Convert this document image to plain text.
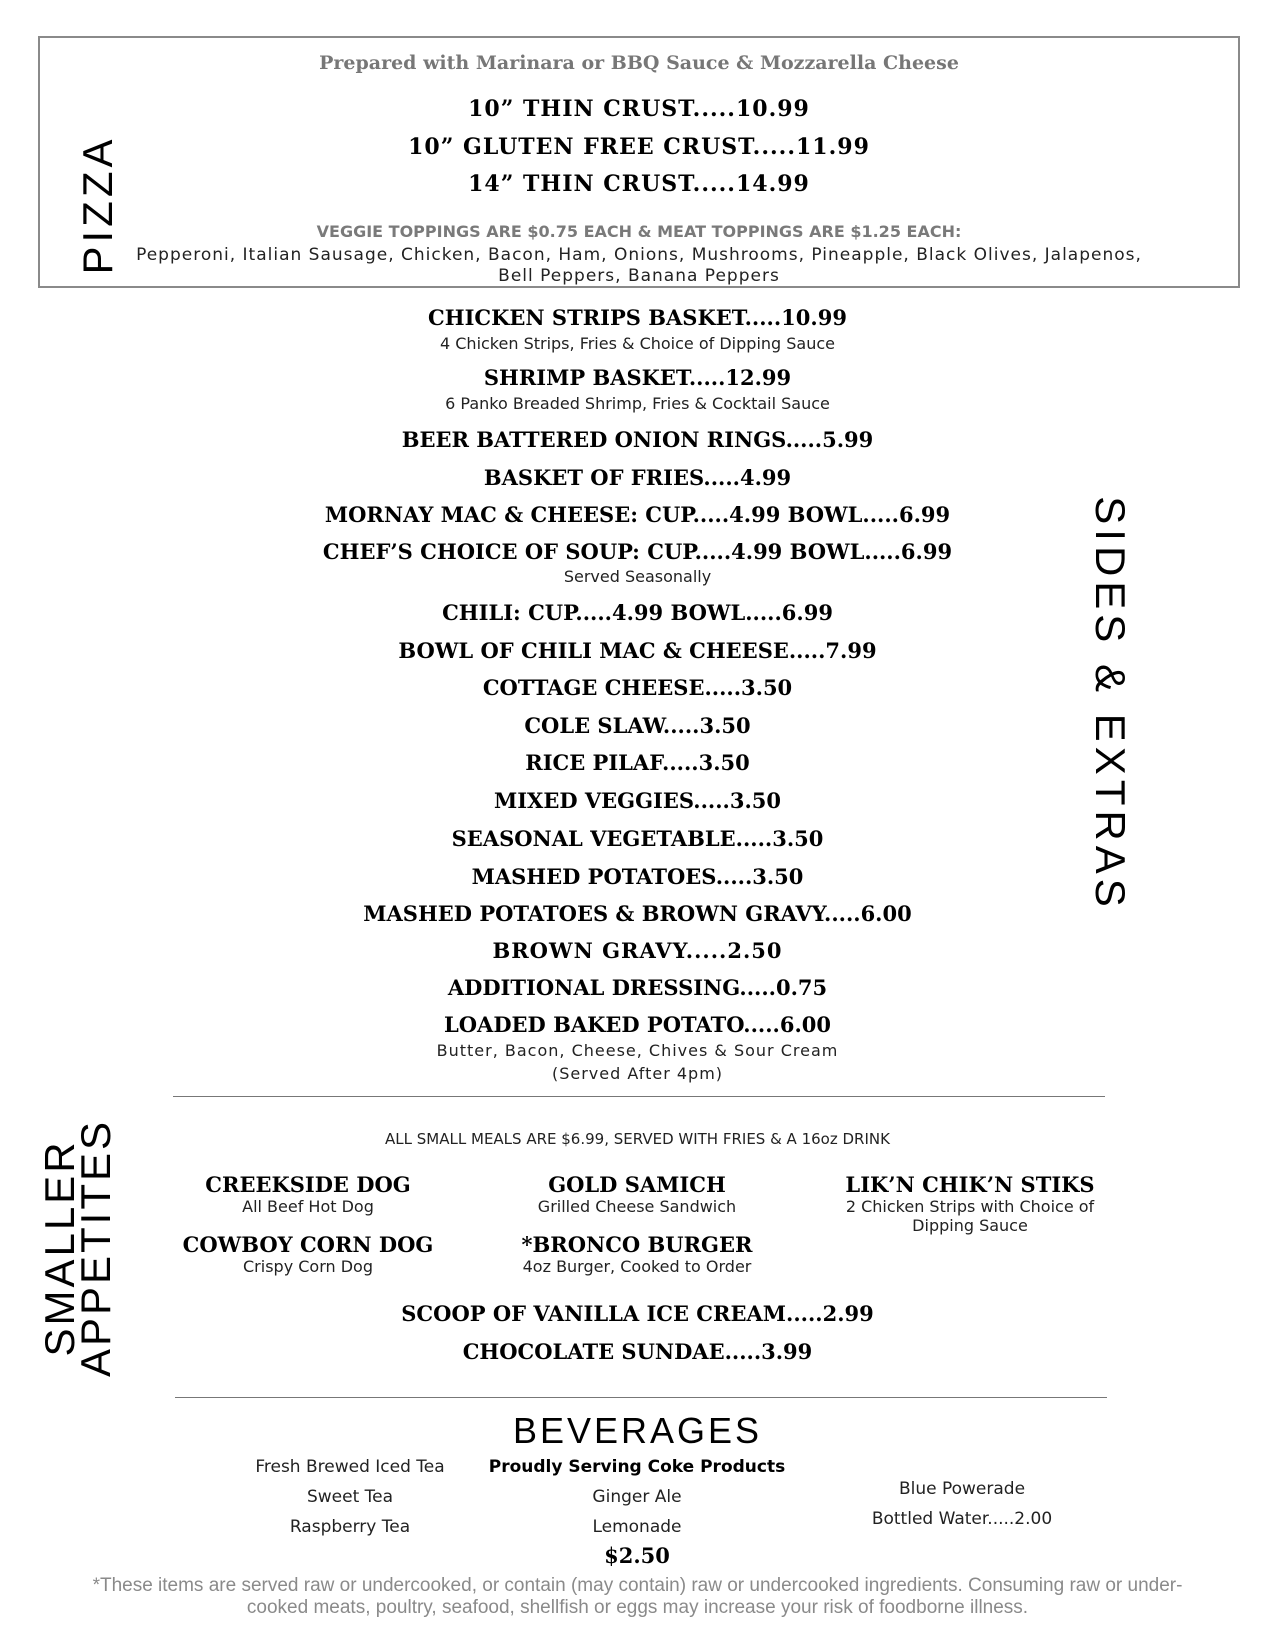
PIZZA
Prepared with Marinara or BBQ Sauce & Mozzarella Cheese
10” THIN CRUST.....10.99
10” GLUTEN FREE CRUST.....11.99
14” THIN CRUST.....14.99
VEGGIE TOPPINGS ARE $0.75 EACH & MEAT TOPPINGS ARE $1.25 EACH:
Pepperoni, Italian Sausage, Chicken, Bacon, Ham, Onions, Mushrooms, Pineapple, Black Olives, Jalapenos,
Bell Peppers, Banana Peppers
SIDES & EXTRAS
CHICKEN STRIPS BASKET.....10.99
4 Chicken Strips, Fries & Choice of Dipping Sauce
SHRIMP BASKET.....12.99
6 Panko Breaded Shrimp, Fries & Cocktail Sauce
BEER BATTERED ONION RINGS.....5.99
BASKET OF FRIES.....4.99
MORNAY MAC & CHEESE: CUP.....4.99 BOWL.....6.99
CHEF’S CHOICE OF SOUP: CUP.....4.99 BOWL.....6.99
Served Seasonally
CHILI: CUP.....4.99 BOWL.....6.99
BOWL OF CHILI MAC & CHEESE.....7.99
COTTAGE CHEESE.....3.50
COLE SLAW.....3.50
RICE PILAF.....3.50
MIXED VEGGIES.....3.50
SEASONAL VEGETABLE.....3.50
MASHED POTATOES.....3.50
MASHED POTATOES & BROWN GRAVY.....6.00
BROWN GRAVY.....2.50
ADDITIONAL DRESSING.....0.75
LOADED BAKED POTATO.....6.00
Butter, Bacon, Cheese, Chives & Sour Cream
(Served After 4pm)
SMALLER
APPETITES	ALL SMALL MEALS ARE $6.99, SERVED WITH FRIES & A 16oz DRINK
CREEKSIDE DOG
All Beef Hot Dog
COWBOY CORN DOG
Crispy Corn Dog
GOLD SAMICH
Grilled Cheese Sandwich
*BRONCO BURGER
4oz Burger, Cooked to Order
LIK’N CHIK’N STIKS
2 Chicken Strips with Choice of
Dipping Sauce
SCOOP OF VANILLA ICE CREAM.....2.99
CHOCOLATE SUNDAE.....3.99
BEVERAGES
Fresh Brewed Iced Tea
Sweet Tea
Raspberry Tea
Proudly Serving Coke Products
Ginger Ale
Lemonade
$2.50
Blue Powerade
Bottled Water.....2.00
*These items are served raw or undercooked, or contain (may contain) raw or undercooked ingredients. Consuming raw or under-
cooked meats, poultry, seafood, shellfish or eggs may increase your risk of foodborne illness.
